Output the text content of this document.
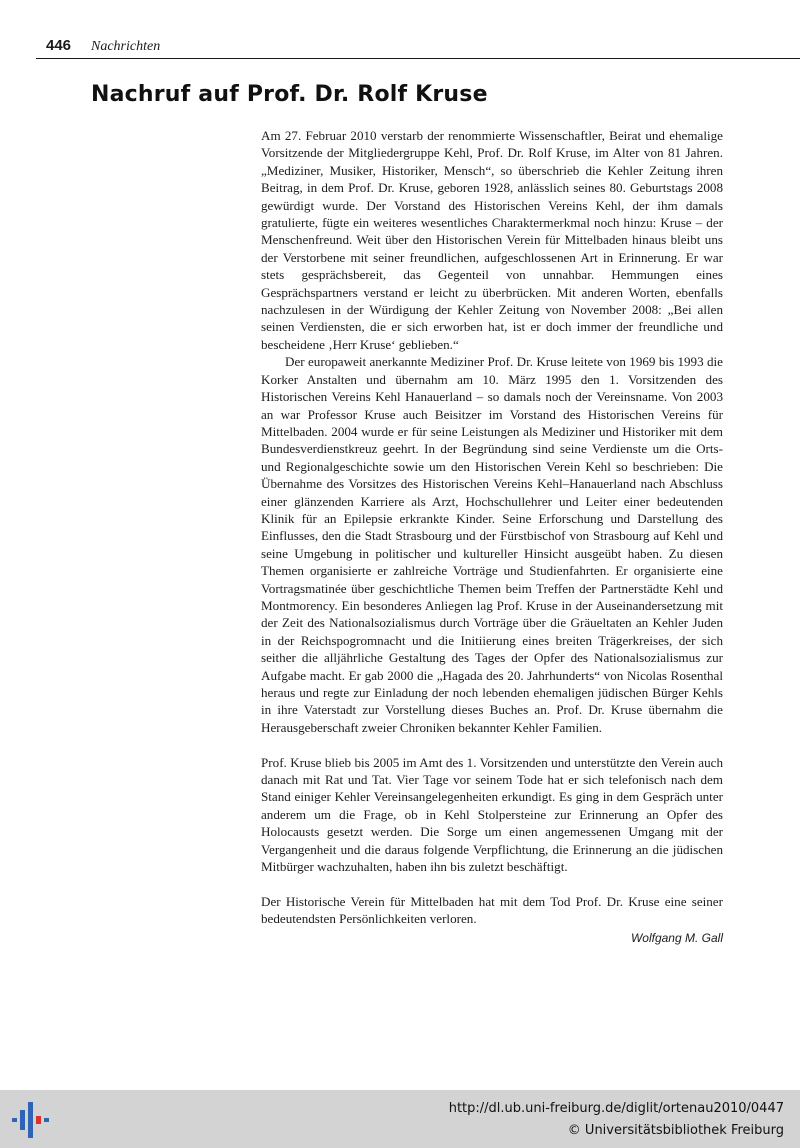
446 Nachrichten
Nachruf auf Prof. Dr. Rolf Kruse

Am 27. Februar 2010 verstarb der renommierte Wissenschaftler, Beirat und ehemalige Vorsitzende der Mitgliedergruppe Kehl, Prof. Dr. Rolf Kruse, im Alter von 81 Jahren. „Mediziner, Musiker, Historiker, Mensch“, so überschrieb die Kehler Zeitung ihren Beitrag, in dem Prof. Dr. Kruse, geboren 1928, anlässlich seines 80. Geburtstags 2008 gewürdigt wurde. Der Vorstand des Historischen Vereins Kehl, der ihm damals gratulierte, fügte ein weiteres wesentliches Charaktermerkmal noch hinzu: Kruse – der Menschenfreund. Weit über den Historischen Verein für Mittelbaden hinaus bleibt uns der Verstorbene mit seiner freundlichen, aufgeschlossenen Art in Erinnerung. Er war stets gesprächsbereit, das Gegenteil von unnahbar. Hemmungen eines Gesprächspartners verstand er leicht zu überbrücken. Mit anderen Worten, ebenfalls nachzulesen in der Würdigung der Kehler Zeitung von November 2008: „Bei allen seinen Verdiensten, die er sich erworben hat, ist er doch immer der freundliche und bescheidene ‚Herr Kruse‘ geblieben.“

Der europaweit anerkannte Mediziner Prof. Dr. Kruse leitete von 1969 bis 1993 die Korker Anstalten und übernahm am 10. März 1995 den 1. Vorsitzenden des Historischen Vereins Kehl Hanauerland – so damals noch der Vereinsname. Von 2003 an war Professor Kruse auch Beisitzer im Vorstand des Historischen Vereins für Mittelbaden. 2004 wurde er für seine Leistungen als Mediziner und Historiker mit dem Bundesverdienstkreuz geehrt. In der Begründung sind seine Verdienste um die Orts- und Regionalgeschichte sowie um den Historischen Verein Kehl so beschrieben: Die Übernahme des Vorsitzes des Historischen Vereins Kehl–Hanauerland nach Abschluss einer glänzenden Karriere als Arzt, Hochschullehrer und Leiter einer bedeutenden Klinik für an Epilepsie erkrankte Kinder. Seine Erforschung und Darstellung des Einflusses, den die Stadt Strasbourg und der Fürstbischof von Strasbourg auf Kehl und seine Umgebung in politischer und kultureller Hinsicht ausgeübt haben. Zu diesen Themen organisierte er zahlreiche Vorträge und Studienfahrten. Er organisierte eine Vortragsmatinée über geschichtliche Themen beim Treffen der Partnerstädte Kehl und Montmorency. Ein besonderes Anliegen lag Prof. Kruse in der Auseinandersetzung mit der Zeit des Nationalsozialismus durch Vorträge über die Gräueltaten an Kehler Juden in der Reichspogromnacht und die Initiierung eines breiten Trägerkreises, der sich seither die alljährliche Gestaltung des Tages der Opfer des Nationalsozialismus zur Aufgabe macht. Er gab 2000 die „Hagada des 20. Jahrhunderts“ von Nicolas Rosenthal heraus und regte zur Einladung der noch lebenden ehemaligen jüdischen Bürger Kehls in ihre Vaterstadt zur Vorstellung dieses Buches an. Prof. Dr. Kruse übernahm die Herausgeberschaft zweier Chroniken bekannter Kehler Familien.

Prof. Kruse blieb bis 2005 im Amt des 1. Vorsitzenden und unterstützte den Verein auch danach mit Rat und Tat. Vier Tage vor seinem Tode hat er sich telefonisch nach dem Stand einiger Kehler Vereinsangelegenheiten erkundigt. Es ging in dem Gespräch unter anderem um die Frage, ob in Kehl Stolpersteine zur Erinnerung an Opfer des Holocausts gesetzt werden. Die Sorge um einen angemessenen Umgang mit der Vergangenheit und die daraus folgende Verpflichtung, die Erinnerung an die jüdischen Mitbürger wachzuhalten, haben ihn bis zuletzt beschäftigt.

Der Historische Verein für Mittelbaden hat mit dem Tod Prof. Dr. Kruse eine seiner bedeutendsten Persönlichkeiten verloren.

Wolfgang M. Gall
http://dl.ub.uni-freiburg.de/diglit/ortenau2010/0447
© Universitätsbibliothek Freiburg
